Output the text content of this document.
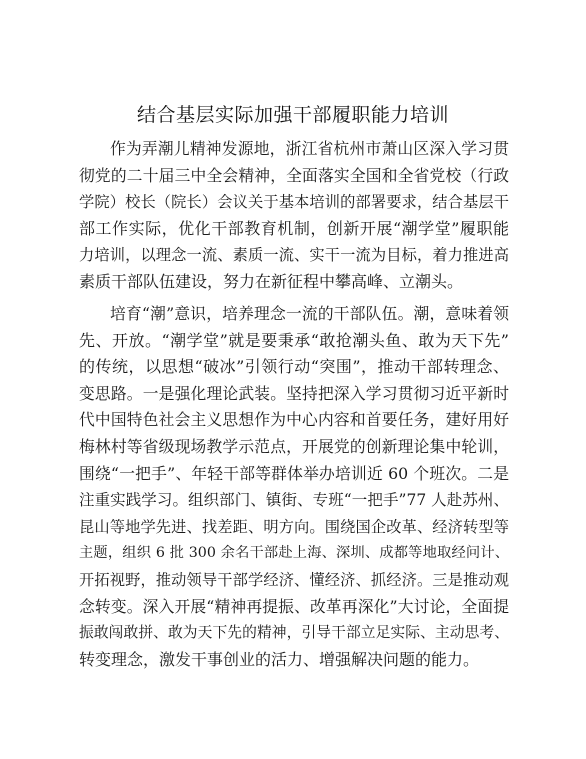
结合基层实际加强干部履职能力培训
作为弄潮儿精神发源地，浙江省杭州市萧山区深入学习贯
彻党的二十届三中全会精神，全面落实全国和全省党校（行政
学院）校长（院长）会议关于基本培训的部署要求，结合基层干
部工作实际，优化干部教育机制，创新开展“潮学堂”履职能
力培训，以理念一流、素质一流、实干一流为目标，着力推进高
素质干部队伍建设，努力在新征程中攀高峰、立潮头。
培育“潮”意识，培养理念一流的干部队伍。潮，意味着领
先、开放。“潮学堂”就是要秉承“敢抢潮头鱼、敢为天下先”
的传统，以思想“破冰”引领行动“突围”，推动干部转理念、
变思路。一是强化理论武装。坚持把深入学习贯彻习近平新时
代中国特色社会主义思想作为中心内容和首要任务，建好用好
梅林村等省级现场教学示范点，开展党的创新理论集中轮训，
围绕“一把手”、年轻干部等群体举办培训近 60 个班次。二是
注重实践学习。组织部门、镇街、专班“一把手”77 人赴苏州、
昆山等地学先进、找差距、明方向。围绕国企改革、经济转型等
主题，组织 6 批 300 余名干部赴上海、深圳、成都等地取经问计、
开拓视野，推动领导干部学经济、懂经济、抓经济。三是推动观
念转变。深入开展“精神再提振、改革再深化”大讨论，全面提
振敢闯敢拼、敢为天下先的精神，引导干部立足实际、主动思考、
转变理念，激发干事创业的活力、增强解决问题的能力。
